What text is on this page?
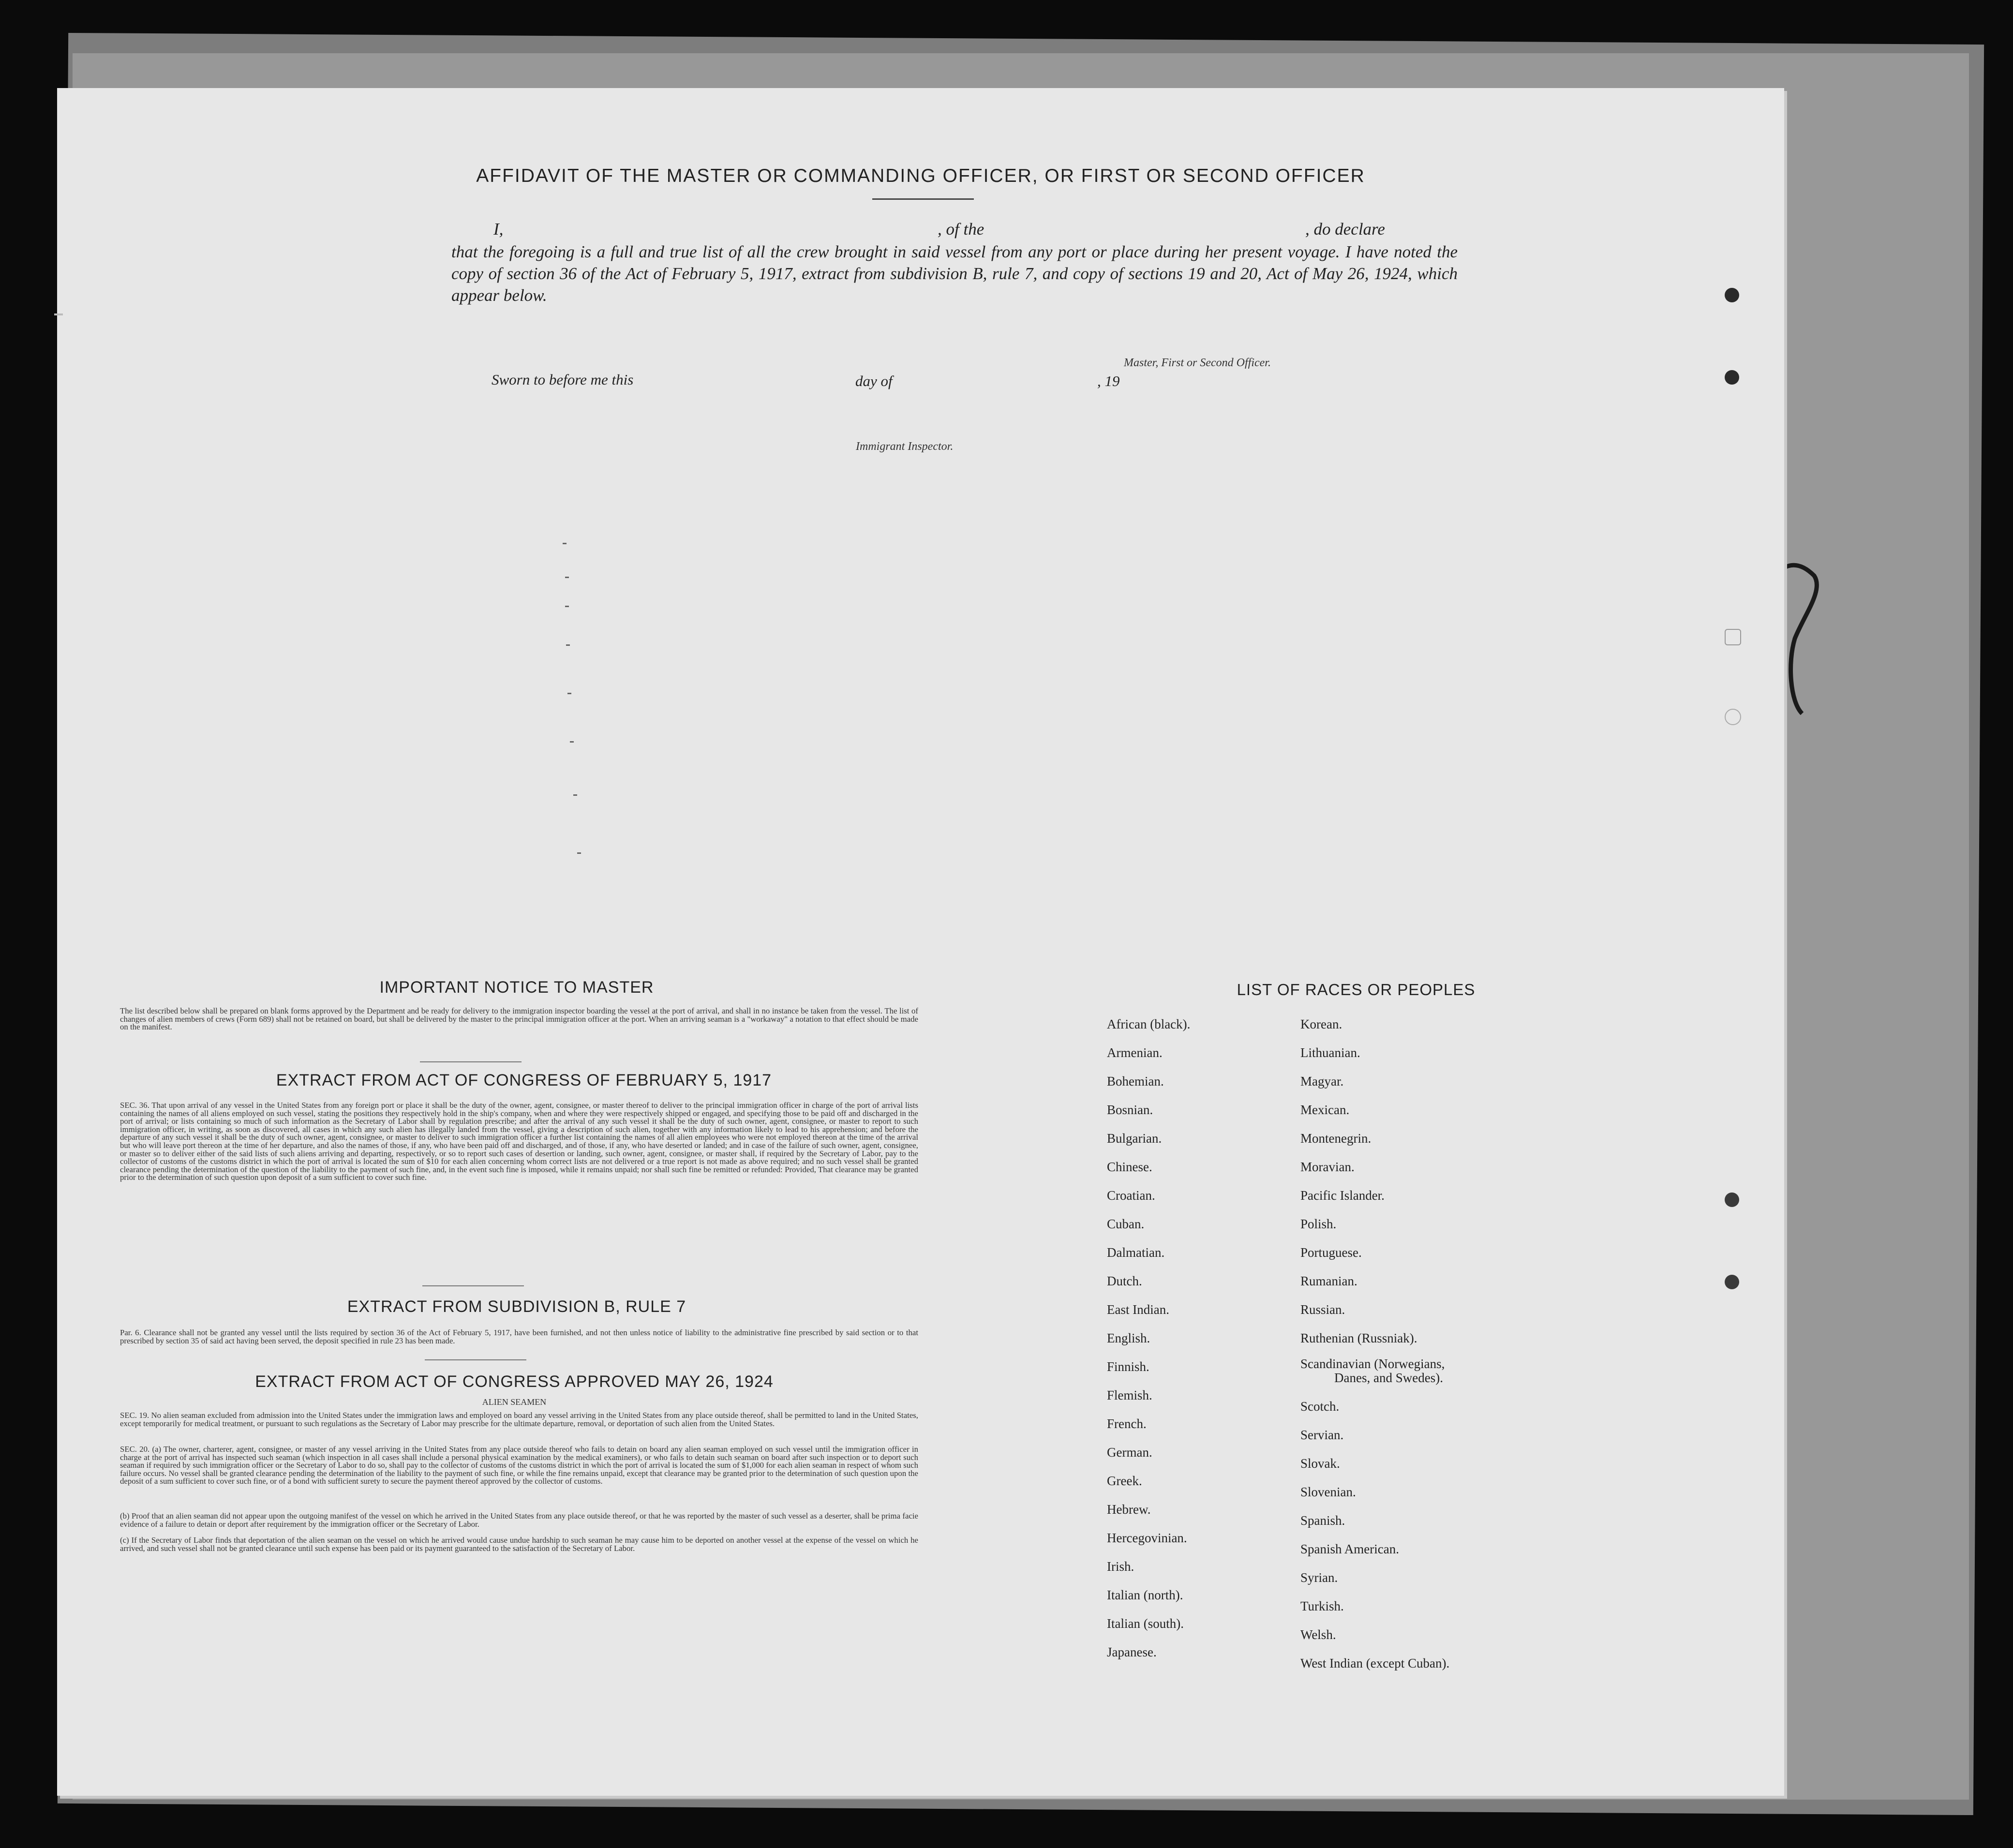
AFFIDAVIT OF THE MASTER OR COMMANDING OFFICER, OR FIRST OR SECOND OFFICER
I,	, of the	, do declare
that the foregoing is a full and true list of all the crew brought in said vessel from any port or place during her present voyage. I have noted the copy of section 36 of the Act of February 5, 1917, extract from subdivision B, rule 7, and copy of sections 19 and 20, Act of May 26, 1924, which appear below.
Master, First or Second Officer.
Sworn to before me this	day of	, 19
Immigrant Inspector.
IMPORTANT NOTICE TO MASTER
The list described below shall be prepared on blank forms approved by the Department and be ready for delivery to the immigration inspector boarding the vessel at the port of arrival, and shall in no instance be taken from the vessel. The list of changes of alien members of crews (Form 689) shall not be retained on board, but shall be delivered by the master to the principal immigration officer at the port. When an arriving seaman is a "workaway" a notation to that effect should be made on the manifest.
EXTRACT FROM ACT OF CONGRESS OF FEBRUARY 5, 1917
SEC. 36. That upon arrival of any vessel in the United States from any foreign port or place it shall be the duty of the owner, agent, consignee, or master thereof to deliver to the principal immigration officer in charge of the port of arrival lists containing the names of all aliens employed on such vessel, stating the positions they respectively hold in the ship's company, when and where they were respectively shipped or engaged, and specifying those to be paid off and discharged in the port of arrival; or lists containing so much of such information as the Secretary of Labor shall by regulation prescribe; and after the arrival of any such vessel it shall be the duty of such owner, agent, consignee, or master to report to such immigration officer, in writing, as soon as discovered, all cases in which any such alien has illegally landed from the vessel, giving a description of such alien, together with any information likely to lead to his apprehension; and before the departure of any such vessel it shall be the duty of such owner, agent, consignee, or master to deliver to such immigration officer a further list containing the names of all alien employees who were not employed thereon at the time of the arrival but who will leave port thereon at the time of her departure, and also the names of those, if any, who have been paid off and discharged, and of those, if any, who have deserted or landed; and in case of the failure of such owner, agent, consignee, or master so to deliver either of the said lists of such aliens arriving and departing, respectively, or so to report such cases of desertion or landing, such owner, agent, consignee, or master shall, if required by the Secretary of Labor, pay to the collector of customs of the customs district in which the port of arrival is located the sum of $10 for each alien concerning whom correct lists are not delivered or a true report is not made as above required; and no such vessel shall be granted clearance pending the determination of the question of the liability to the payment of such fine, and, in the event such fine is imposed, while it remains unpaid; nor shall such fine be remitted or refunded: Provided, That clearance may be granted prior to the determination of such question upon deposit of a sum sufficient to cover such fine.
EXTRACT FROM SUBDIVISION B, RULE 7
Par. 6. Clearance shall not be granted any vessel until the lists required by section 36 of the Act of February 5, 1917, have been furnished, and not then unless notice of liability to the administrative fine prescribed by said section or to that prescribed by section 35 of said act having been served, the deposit specified in rule 23 has been made.
EXTRACT FROM ACT OF CONGRESS APPROVED MAY 26, 1924
ALIEN SEAMEN
SEC. 19. No alien seaman excluded from admission into the United States under the immigration laws and employed on board any vessel arriving in the United States from any place outside thereof, shall be permitted to land in the United States, except temporarily for medical treatment, or pursuant to such regulations as the Secretary of Labor may prescribe for the ultimate departure, removal, or deportation of such alien from the United States.
SEC. 20. (a) The owner, charterer, agent, consignee, or master of any vessel arriving in the United States from any place outside thereof who fails to detain on board any alien seaman employed on such vessel until the immigration officer in charge at the port of arrival has inspected such seaman (which inspection in all cases shall include a personal physical examination by the medical examiners), or who fails to detain such seaman on board after such inspection or to deport such seaman if required by such immigration officer or the Secretary of Labor to do so, shall pay to the collector of customs of the customs district in which the port of arrival is located the sum of $1,000 for each alien seaman in respect of whom such failure occurs. No vessel shall be granted clearance pending the determination of the liability to the payment of such fine, or while the fine remains unpaid, except that clearance may be granted prior to the determination of such question upon the deposit of a sum sufficient to cover such fine, or of a bond with sufficient surety to secure the payment thereof approved by the collector of customs.
(b) Proof that an alien seaman did not appear upon the outgoing manifest of the vessel on which he arrived in the United States from any place outside thereof, or that he was reported by the master of such vessel as a deserter, shall be prima facie evidence of a failure to detain or deport after requirement by the immigration officer or the Secretary of Labor.
(c) If the Secretary of Labor finds that deportation of the alien seaman on the vessel on which he arrived would cause undue hardship to such seaman he may cause him to be deported on another vessel at the expense of the vessel on which he arrived, and such vessel shall not be granted clearance until such expense has been paid or its payment guaranteed to the satisfaction of the Secretary of Labor.
LIST OF RACES OR PEOPLES
African (black).
Armenian.
Bohemian.
Bosnian.
Bulgarian.
Chinese.
Croatian.
Cuban.
Dalmatian.
Dutch.
East Indian.
English.
Finnish.
Flemish.
French.
German.
Greek.
Hebrew.
Hercegovinian.
Irish.
Italian (north).
Italian (south).
Japanese.
Korean.
Lithuanian.
Magyar.
Mexican.
Montenegrin.
Moravian.
Pacific Islander.
Polish.
Portuguese.
Rumanian.
Russian.
Ruthenian (Russniak).
Scandinavian (Norwegians,
Danes, and Swedes).
Scotch.
Servian.
Slovak.
Slovenian.
Spanish.
Spanish American.
Syrian.
Turkish.
Welsh.
West Indian (except Cuban).
